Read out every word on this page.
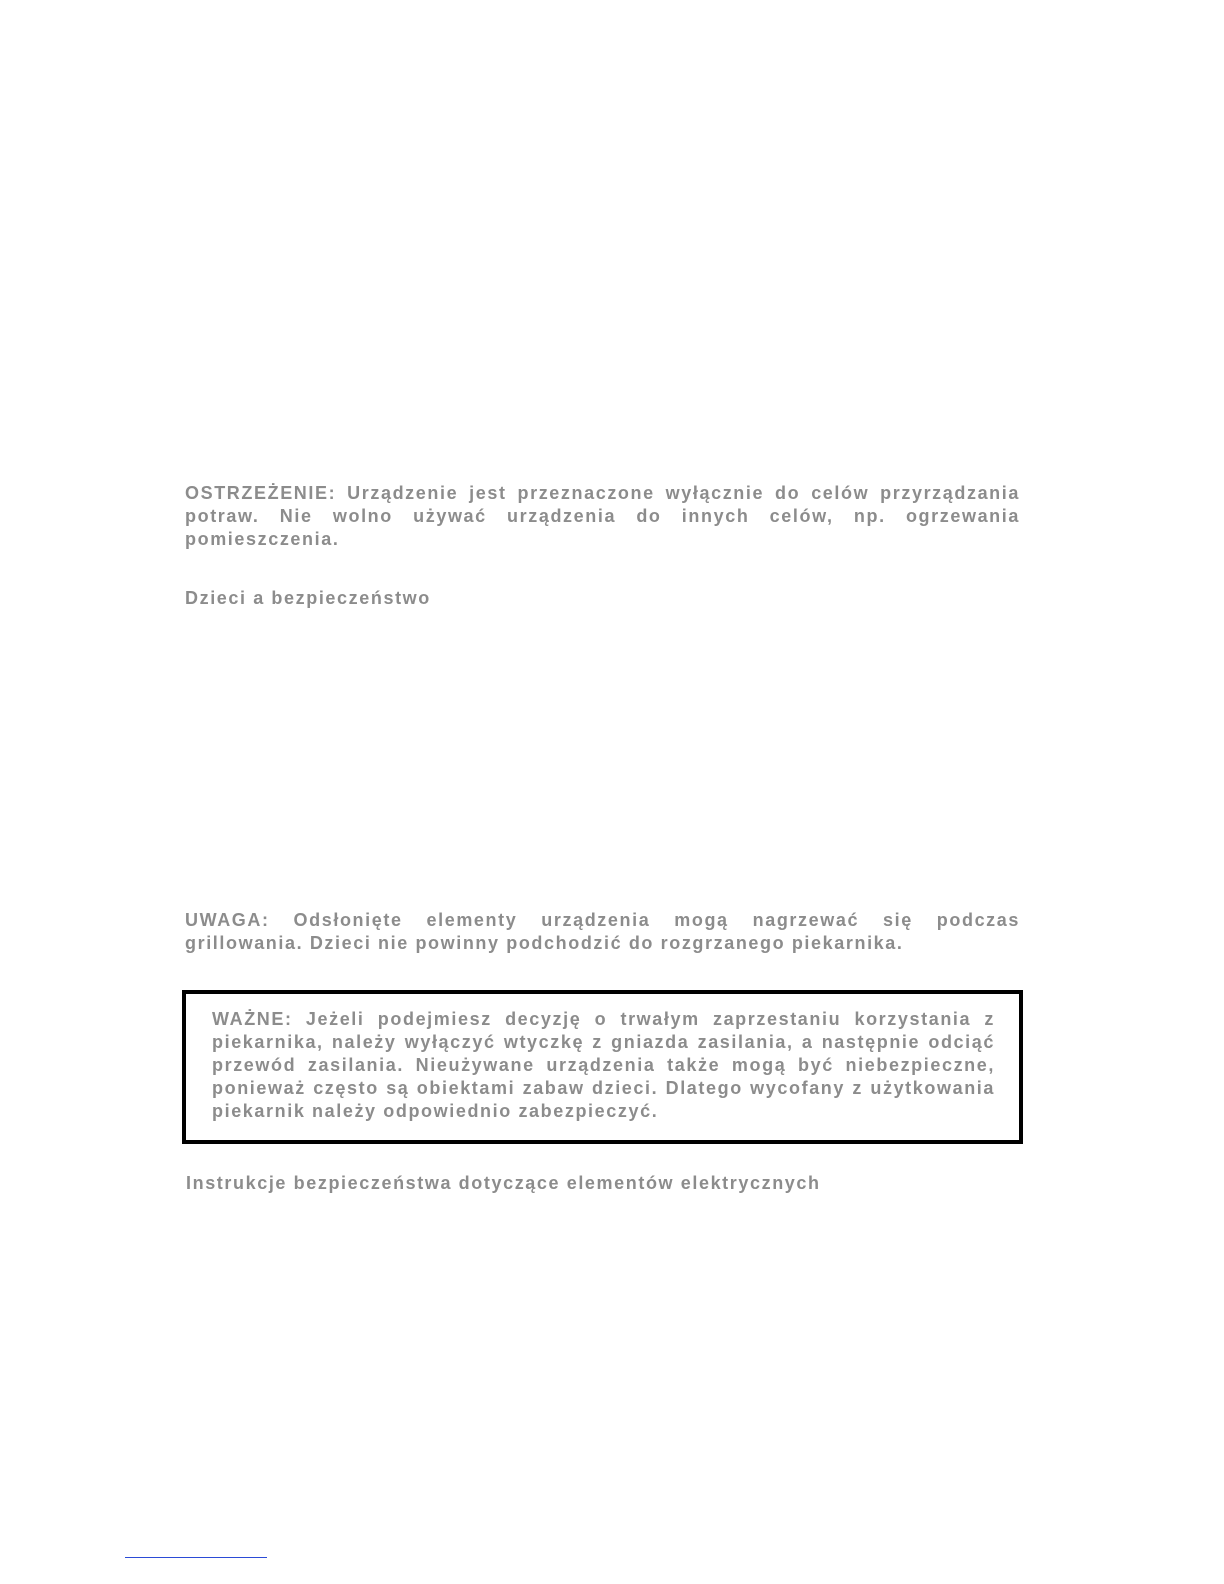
OSTRZEŻENIE: Urządzenie jest przeznaczone wyłącznie do celów przyrządzania potraw. Nie wolno używać urządzenia do innych celów, np. ogrzewania pomieszczenia.
Dzieci a bezpieczeństwo
UWAGA: Odsłonięte elementy urządzenia mogą nagrzewać się podczas grillowania. Dzieci nie powinny podchodzić do rozgrzanego piekarnika.
WAŻNE: Jeżeli podejmiesz decyzję o trwałym zaprzestaniu korzystania z piekarnika, należy wyłączyć wtyczkę z gniazda zasilania, a następnie odciąć przewód zasilania. Nieużywane urządzenia także mogą być niebezpieczne, ponieważ często są obiektami zabaw dzieci. Dlatego wycofany z użytkowania piekarnik należy odpowiednio zabezpieczyć.
Instrukcje bezpieczeństwa dotyczące elementów elektrycznych
